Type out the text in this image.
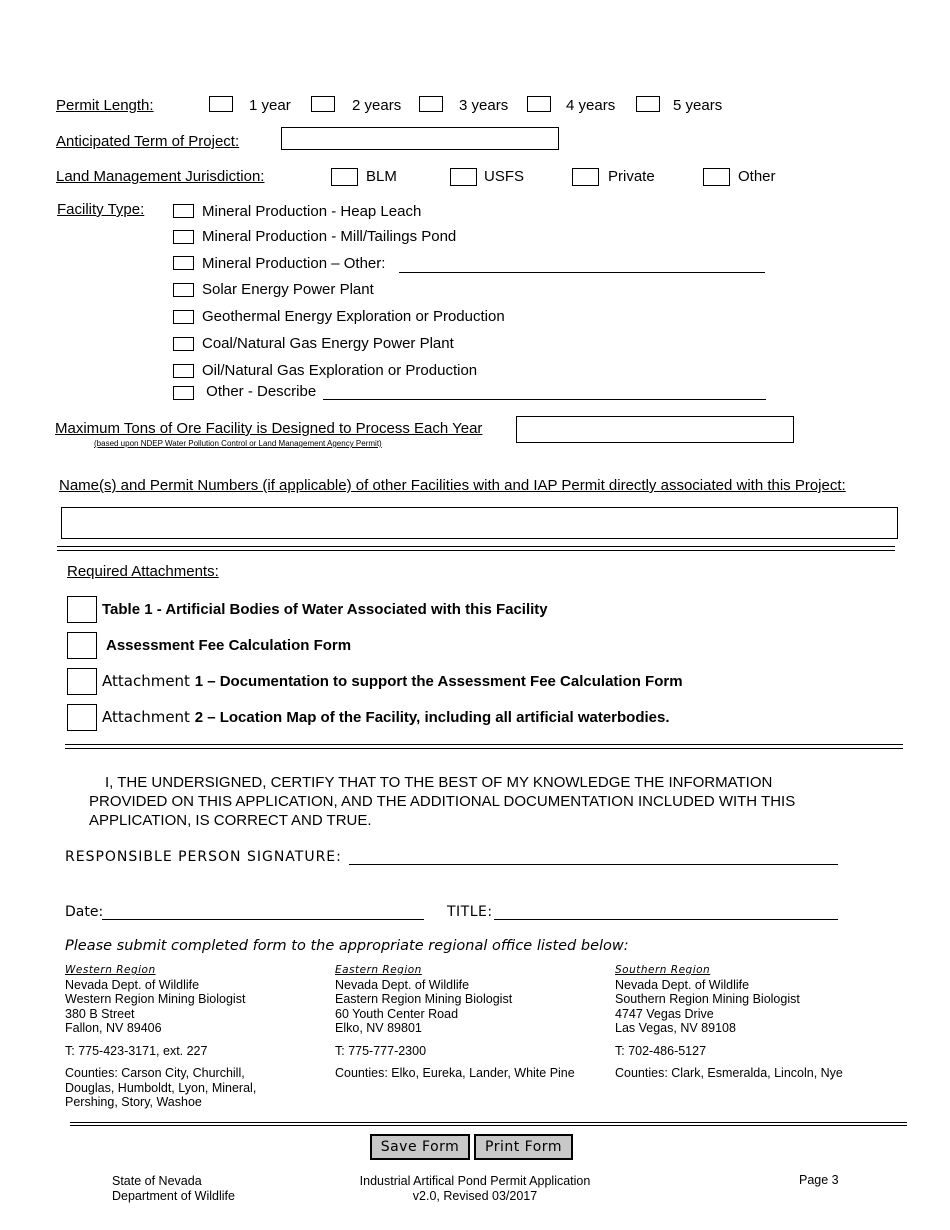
Permit Length:	1 year	2 years	3 years	4 years	5 years
Anticipated Term of Project:
Land Management Jurisdiction:	BLM	USFS	Private	Other
Facility Type:	Mineral Production - Heap Leach
Mineral Production - Mill/Tailings Pond
Mineral Production – Other:
Solar Energy Power Plant
Geothermal Energy Exploration or Production
Coal/Natural Gas Energy Power Plant
Oil/Natural Gas Exploration or Production
Other - Describe
Maximum Tons of Ore Facility is Designed to Process Each Year
(based upon NDEP Water Pollution Control or Land Management Agency Permit)
Name(s) and Permit Numbers (if applicable) of other Facilities with and IAP Permit directly associated with this Project:
Required Attachments:
Table 1 - Artificial Bodies of Water Associated with this Facility
Assessment Fee Calculation Form
Attachment 1 – Documentation to support the Assessment Fee Calculation Form
Attachment 2 – Location Map of the Facility, including all artificial waterbodies.
I, THE UNDERSIGNED, CERTIFY THAT TO THE BEST OF MY KNOWLEDGE THE INFORMATION
PROVIDED ON THIS APPLICATION, AND THE ADDITIONAL DOCUMENTATION INCLUDED WITH THIS
APPLICATION, IS CORRECT AND TRUE.
RESPONSIBLE PERSON SIGNATURE:
Date:	TITLE:
Please submit completed form to the appropriate regional office listed below:
Western Region
Nevada Dept. of Wildlife
Western Region Mining Biologist
380 B Street
Fallon, NV 89406
T: 775-423-3171, ext. 227
Counties: Carson City, Churchill, Douglas, Humboldt, Lyon, Mineral, Pershing, Story, Washoe
Eastern Region
Nevada Dept. of Wildlife
Eastern Region Mining Biologist
60 Youth Center Road
Elko, NV 89801
T: 775-777-2300
Counties: Elko, Eureka, Lander, White Pine
Southern Region
Nevada Dept. of Wildlife
Southern Region Mining Biologist
4747 Vegas Drive
Las Vegas, NV 89108
T: 702-486-5127
Counties: Clark, Esmeralda, Lincoln, Nye
Save Form	Print Form
State of Nevada
Department of Wildlife
Industrial Artifical Pond Permit Application
v2.0, Revised 03/2017
Page 3
